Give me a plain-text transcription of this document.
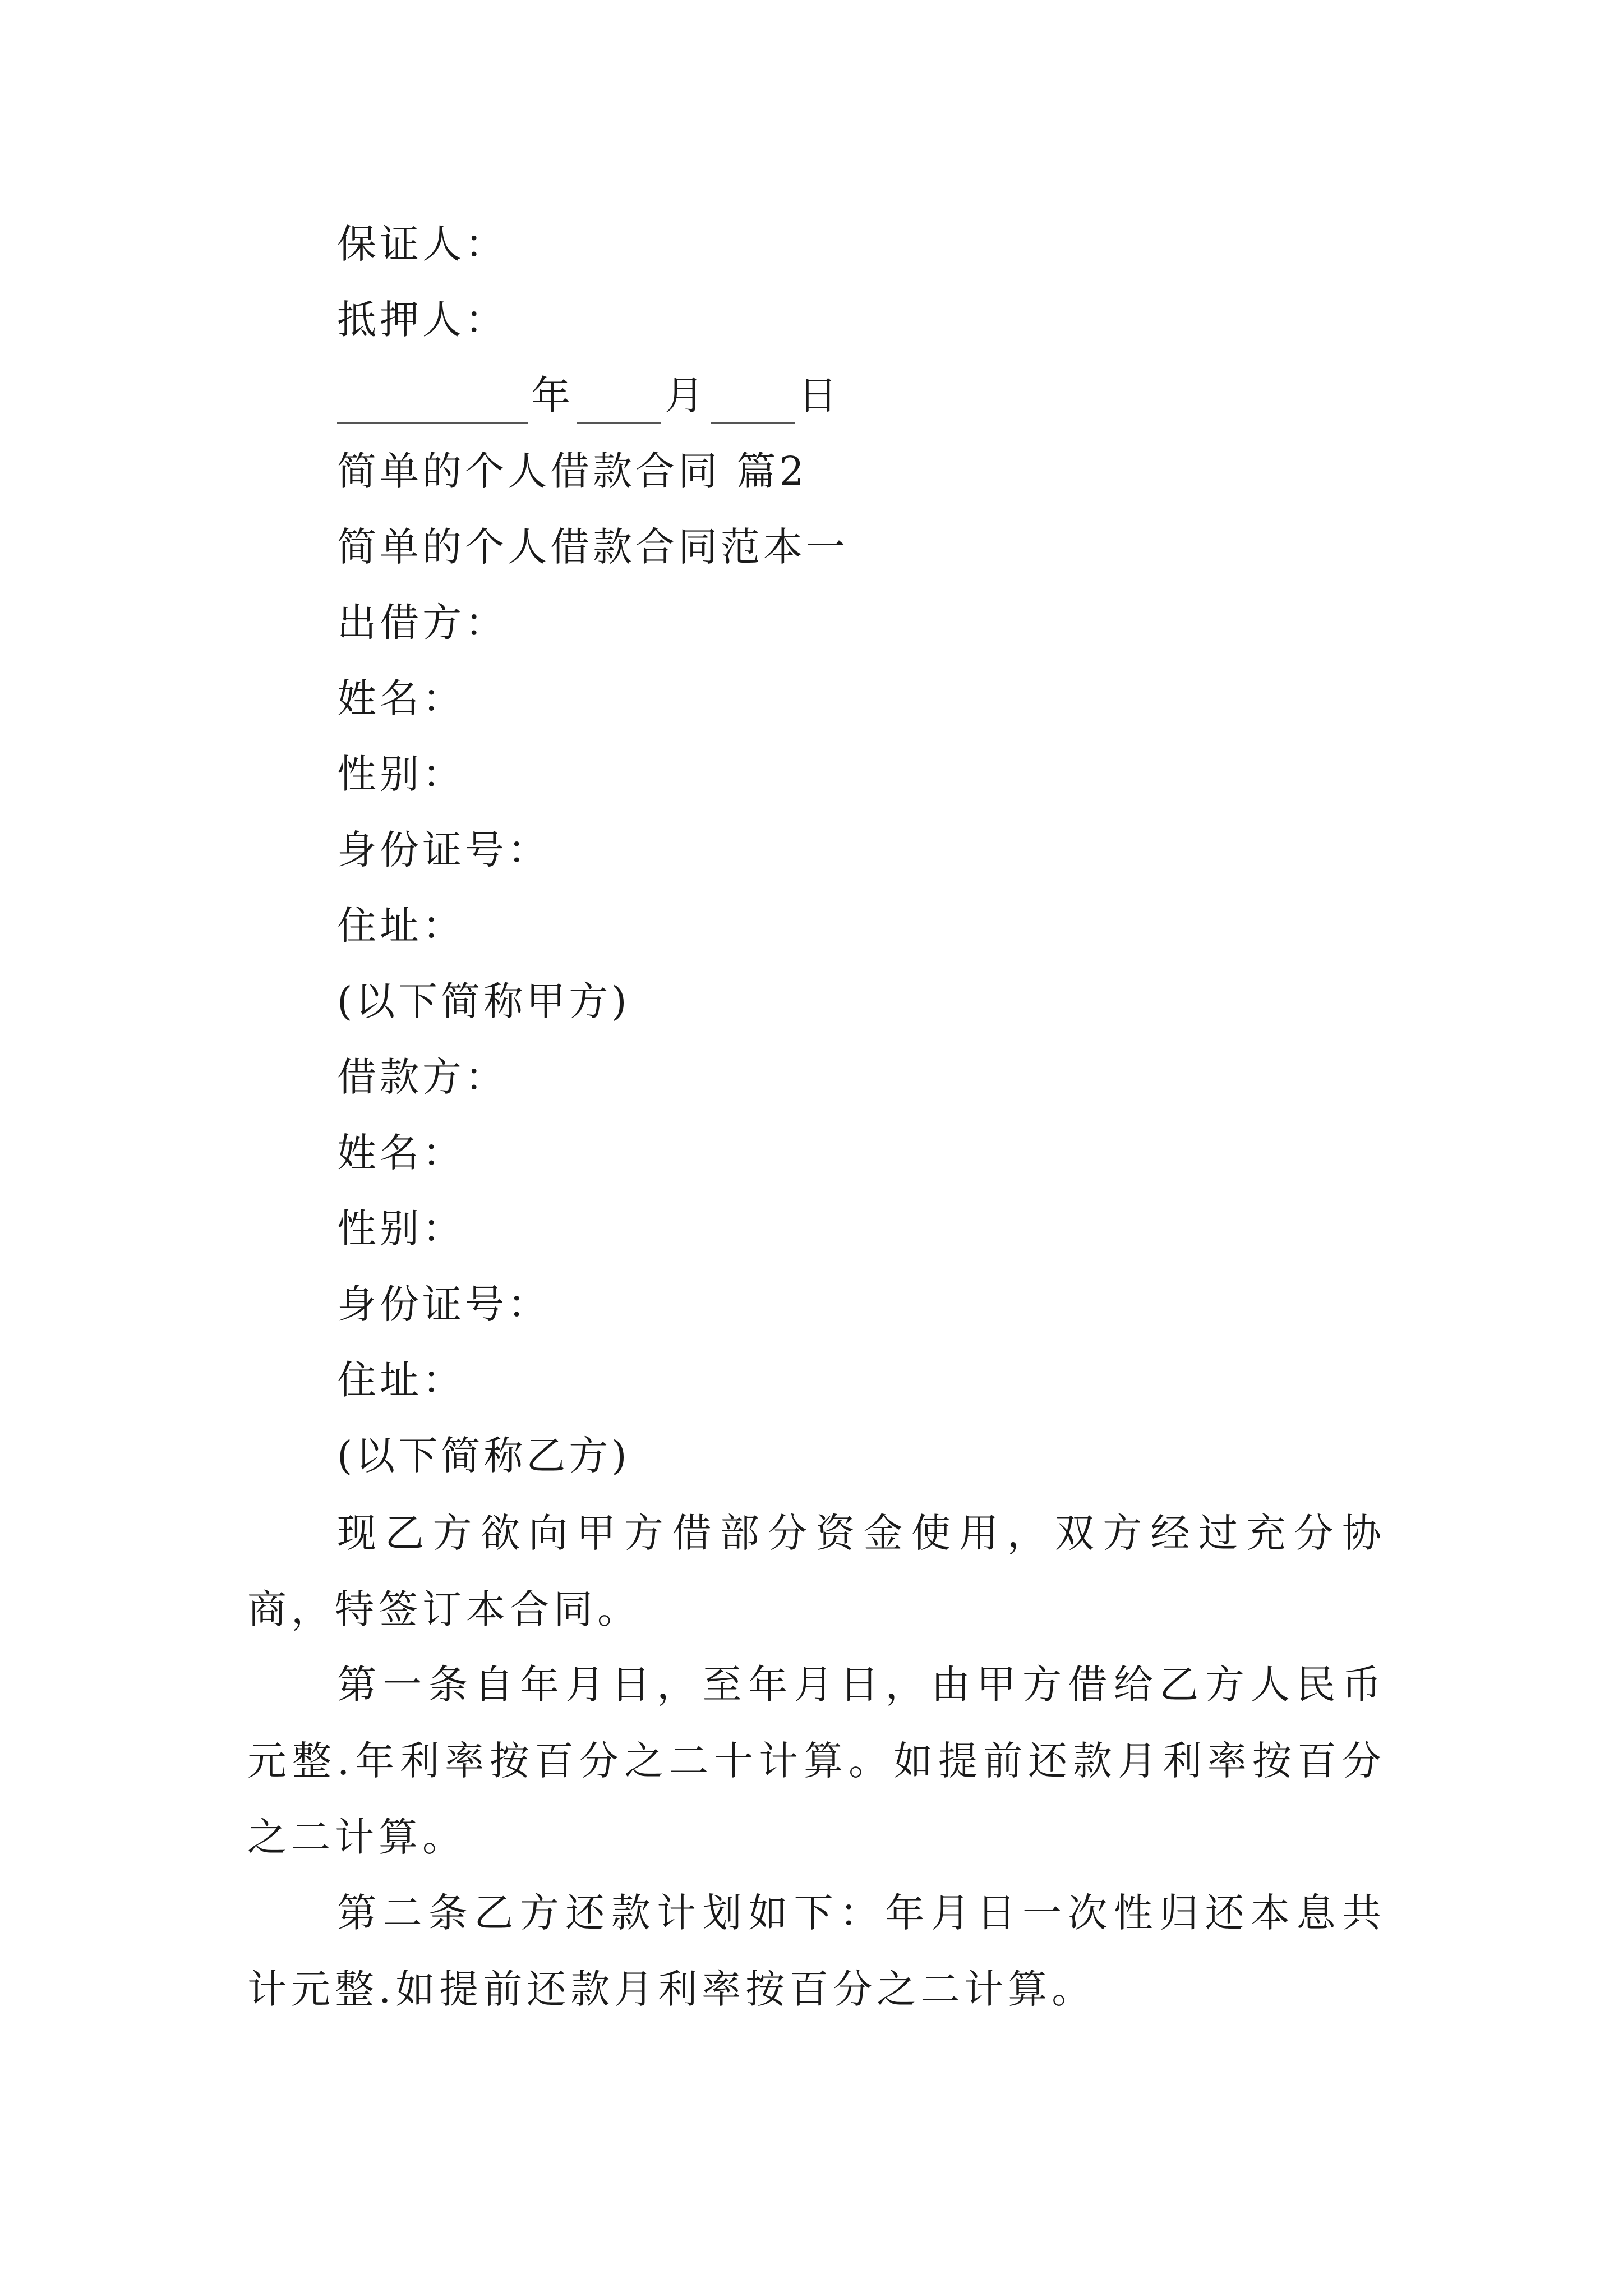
保证人：
抵押人：
年 月 日
简单的个人借款合同 篇2
简单的个人借款合同范本一
出借方：
姓名：
性别：
身份证号：
住址：
(以下简称甲方)
借款方：
姓名：
性别：
身份证号：
住址：
(以下简称乙方)
现乙方欲向甲方借部分资金使用，双方经过充分协商，特签订本合同。
第一条自年月日，至年月日，由甲方借给乙方人民币元整.年利率按百分之二十计算。如提前还款月利率按百分之二计算。
第二条乙方还款计划如下：年月日一次性归还本息共计元整.如提前还款月利率按百分之二计算。
